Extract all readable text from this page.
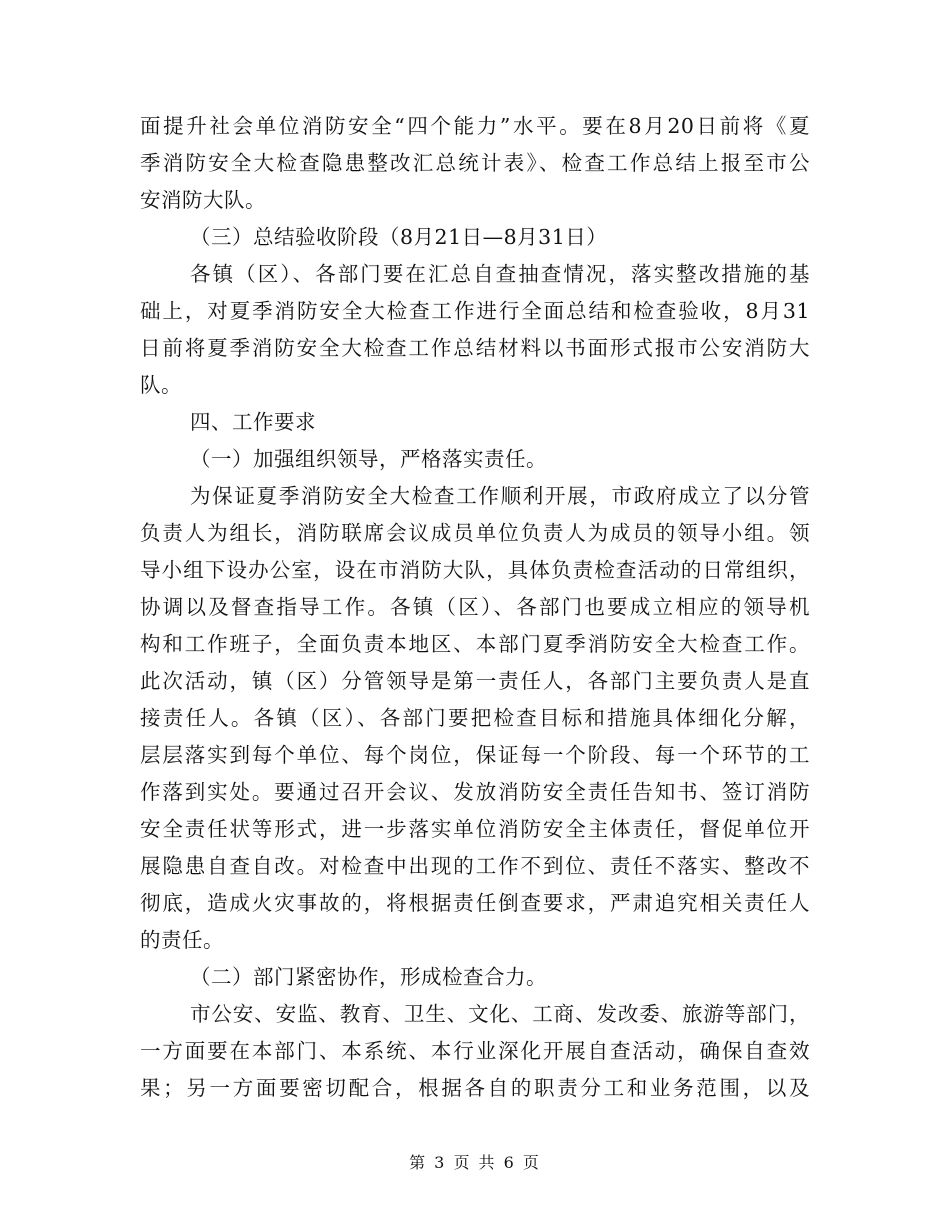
面提升社会单位消防安全“四个能力”水平。要在8月20日前将《夏
季消防安全大检查隐患整改汇总统计表》、检查工作总结上报至市公
安消防大队。
（三）总结验收阶段（8月21日—8月31日）
各镇（区）、各部门要在汇总自查抽查情况，落实整改措施的基
础上，对夏季消防安全大检查工作进行全面总结和检查验收，8月31
日前将夏季消防安全大检查工作总结材料以书面形式报市公安消防大
队。
四、工作要求
（一）加强组织领导，严格落实责任。
为保证夏季消防安全大检查工作顺利开展，市政府成立了以分管
负责人为组长，消防联席会议成员单位负责人为成员的领导小组。领
导小组下设办公室，设在市消防大队，具体负责检查活动的日常组织，
协调以及督查指导工作。各镇（区）、各部门也要成立相应的领导机
构和工作班子，全面负责本地区、本部门夏季消防安全大检查工作。
此次活动，镇（区）分管领导是第一责任人，各部门主要负责人是直
接责任人。各镇（区）、各部门要把检查目标和措施具体细化分解，
层层落实到每个单位、每个岗位，保证每一个阶段、每一个环节的工
作落到实处。要通过召开会议、发放消防安全责任告知书、签订消防
安全责任状等形式，进一步落实单位消防安全主体责任，督促单位开
展隐患自查自改。对检查中出现的工作不到位、责任不落实、整改不
彻底，造成火灾事故的，将根据责任倒查要求，严肃追究相关责任人
的责任。
（二）部门紧密协作，形成检查合力。
市公安、安监、教育、卫生、文化、工商、发改委、旅游等部门，
一方面要在本部门、本系统、本行业深化开展自查活动，确保自查效
果；另一方面要密切配合，根据各自的职责分工和业务范围，以及
第 3 页 共 6 页
